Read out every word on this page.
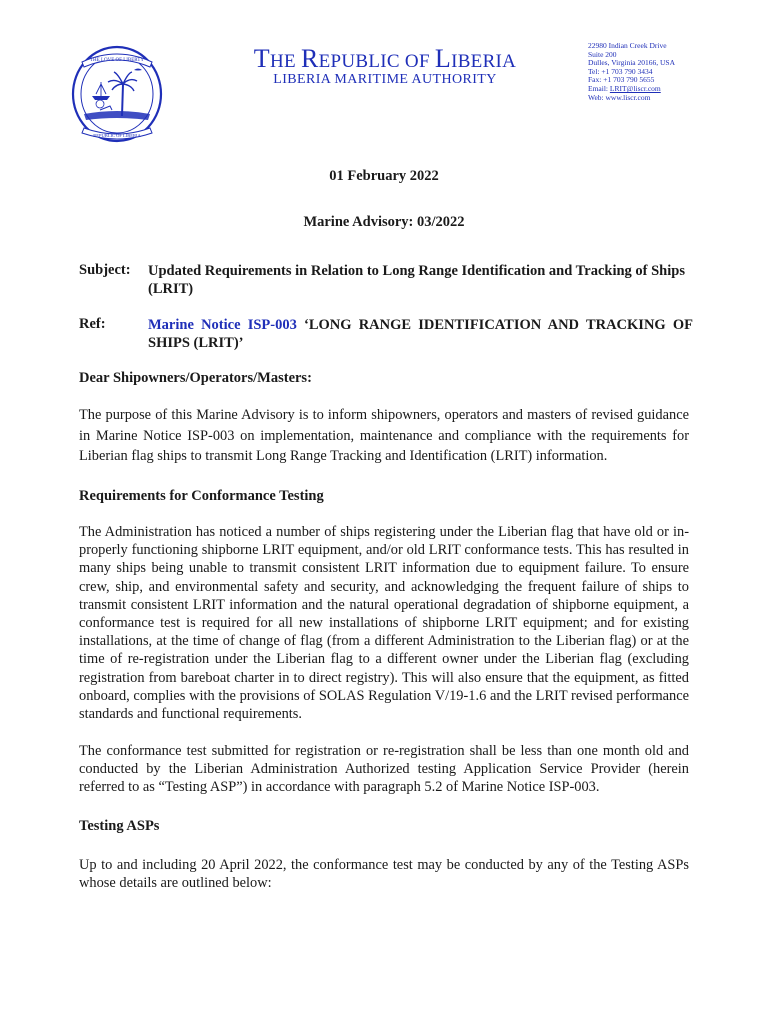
THE LOVE OF LIBERTY
REPUBLIC OF LIBERIA
THE REPUBLIC OF LIBERIA
LIBERIA MARITIME AUTHORITY
22980 Indian Creek Drive
Suite 200
Dulles, Virginia 20166, USA
Tel: +1 703 790 3434
Fax: +1 703 790 5655
Email: LRIT@liscr.com
Web: www.liscr.com
01 February 2022
Marine Advisory: 03/2022
Subject: Updated Requirements in Relation to Long Range Identification and Tracking of Ships (LRIT)
Ref:	Marine Notice ISP-003 ‘LONG RANGE IDENTIFICATION AND TRACKING OF SHIPS (LRIT)’
Dear Shipowners/Operators/Masters:
The purpose of this Marine Advisory is to inform shipowners, operators and masters of revised guidance in Marine Notice ISP-003 on implementation, maintenance and compliance with the requirements for Liberian flag ships to transmit Long Range Tracking and Identification (LRIT) information.
Requirements for Conformance Testing
The Administration has noticed a number of ships registering under the Liberian flag that have old or in-properly functioning shipborne LRIT equipment, and/or old LRIT conformance tests. This has resulted in many ships being unable to transmit consistent LRIT information due to equipment failure. To ensure crew, ship, and environmental safety and security, and acknowledging the frequent failure of ships to transmit consistent LRIT information and the natural operational degradation of shipborne equipment, a conformance test is required for all new installations of shipborne LRIT equipment; and for existing installations, at the time of change of flag (from a different Administration to the Liberian flag) or at the time of re-registration under the Liberian flag to a different owner under the Liberian flag (excluding registration from bareboat charter in to direct registry). This will also ensure that the equipment, as fitted onboard, complies with the provisions of SOLAS Regulation V/19-1.6 and the LRIT revised performance standards and functional requirements.
The conformance test submitted for registration or re-registration shall be less than one month old and conducted by the Liberian Administration Authorized testing Application Service Provider (herein referred to as “Testing ASP”) in accordance with paragraph 5.2 of Marine Notice ISP-003.
Testing ASPs
Up to and including 20 April 2022, the conformance test may be conducted by any of the Testing ASPs whose details are outlined below:
